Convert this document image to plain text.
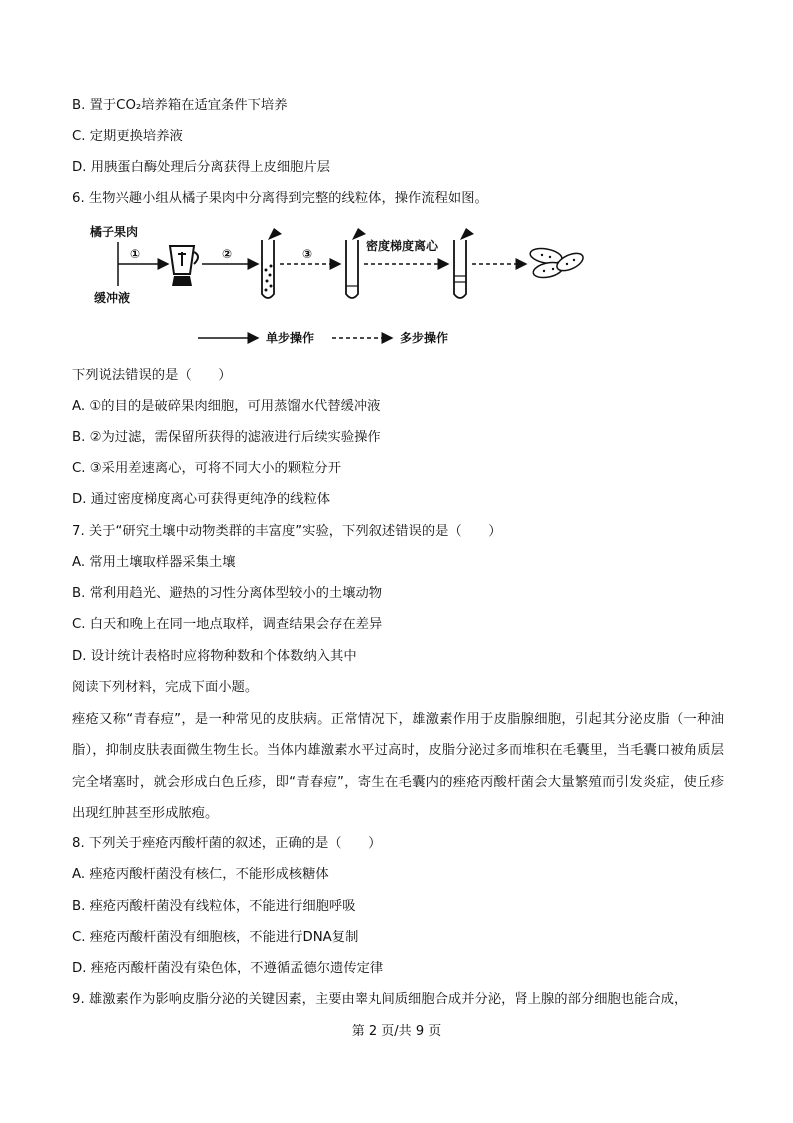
B. 置于CO₂培养箱在适宜条件下培养
C. 定期更换培养液
D. 用胰蛋白酶处理后分离获得上皮细胞片层
6. 生物兴趣小组从橘子果肉中分离得到完整的线粒体，操作流程如图。
橘子果肉
缓冲液
①	②	③
密度梯度离心
单步操作	多步操作
下列说法错误的是（　　）
A. ①的目的是破碎果肉细胞，可用蒸馏水代替缓冲液
B. ②为过滤，需保留所获得的滤液进行后续实验操作
C. ③采用差速离心，可将不同大小的颗粒分开
D. 通过密度梯度离心可获得更纯净的线粒体
7. 关于“研究土壤中动物类群的丰富度”实验，下列叙述错误的是（　　）
A. 常用土壤取样器采集土壤
B. 常利用趋光、避热的习性分离体型较小的土壤动物
C. 白天和晚上在同一地点取样，调查结果会存在差异
D. 设计统计表格时应将物种数和个体数纳入其中
阅读下列材料，完成下面小题。
痤疮又称“青春痘”，是一种常见的皮肤病。正常情况下，雄激素作用于皮脂腺细胞，引起其分泌皮脂（一种油脂），抑制皮肤表面微生物生长。当体内雄激素水平过高时，皮脂分泌过多而堆积在毛囊里，当毛囊口被角质层完全堵塞时，就会形成白色丘疹，即“青春痘”，寄生在毛囊内的痤疮丙酸杆菌会大量繁殖而引发炎症，使丘疹出现红肿甚至形成脓疱。
8. 下列关于痤疮丙酸杆菌的叙述，正确的是（　　）
A. 痤疮丙酸杆菌没有核仁，不能形成核糖体
B. 痤疮丙酸杆菌没有线粒体，不能进行细胞呼吸
C. 痤疮丙酸杆菌没有细胞核，不能进行DNA复制
D. 痤疮丙酸杆菌没有染色体，不遵循孟德尔遗传定律
9. 雄激素作为影响皮脂分泌的关键因素，主要由睾丸间质细胞合成并分泌，肾上腺的部分细胞也能合成，
第 2 页/共 9 页
